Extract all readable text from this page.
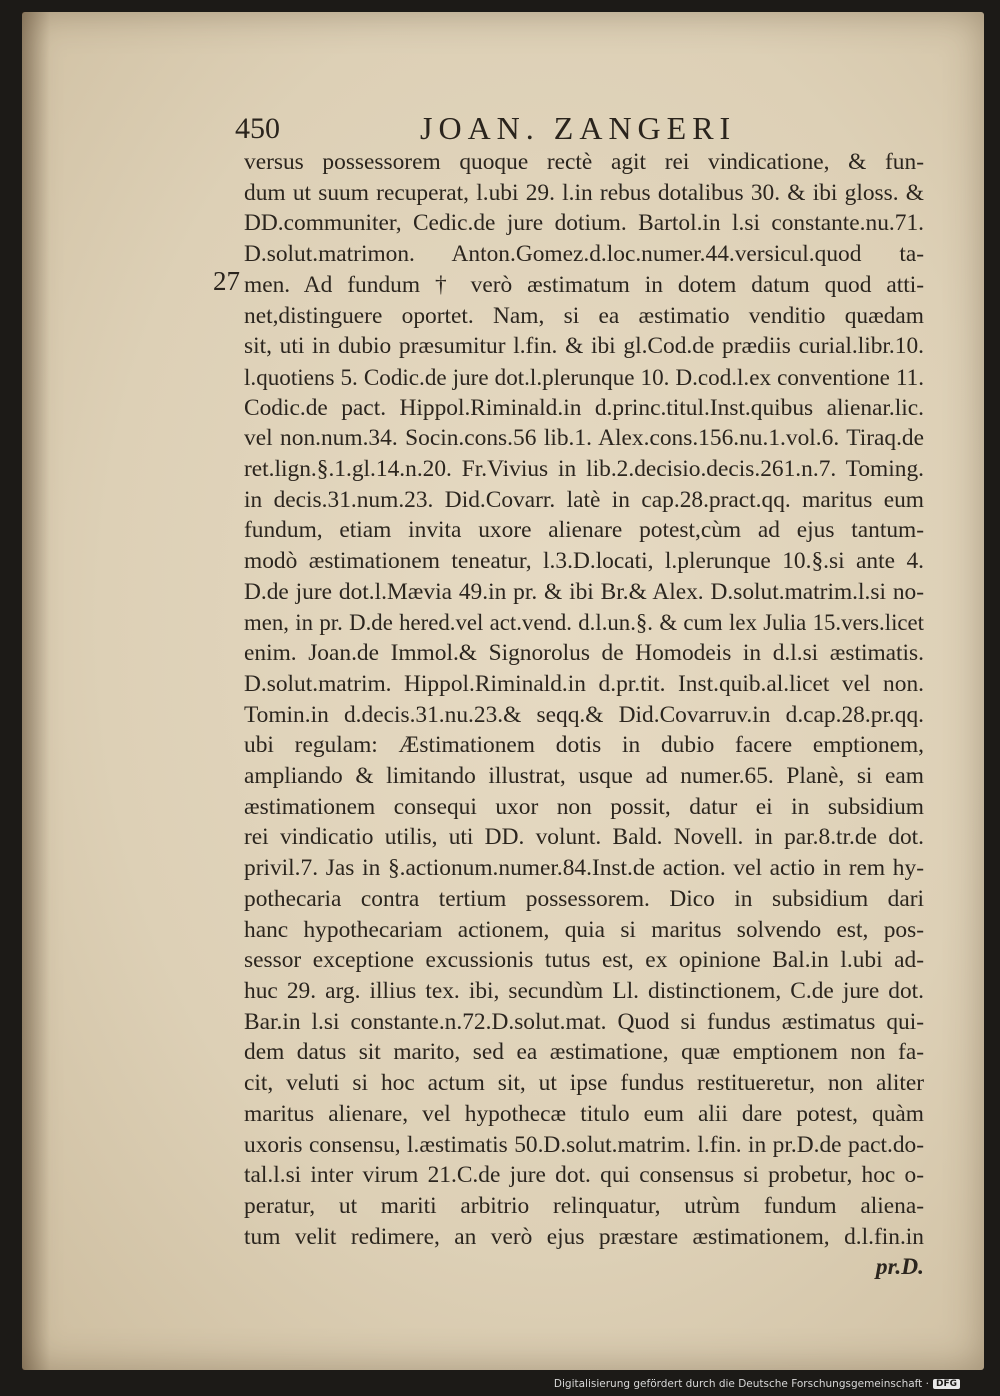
450	JOAN. ZANGERI
27
versus possessorem quoque rectè agit rei vindicatione, & fun-
dum ut suum recuperat, l.ubi 29. l.in rebus dotalibus 30. & ibi gloss. &
DD.communiter, Cedic.de jure dotium. Bartol.in l.si constante.nu.71.
D.solut.matrimon. Anton.Gomez.d.loc.numer.44.versicul.quod ta-
men. Ad fundum † verò æstimatum in dotem datum quod atti-
net,distinguere oportet. Nam, si ea æstimatio venditio quædam
sit, uti in dubio præsumitur l.fin. & ibi gl.Cod.de prædiis curial.libr.10.
l.quotiens 5. Codic.de jure dot.l.plerunque 10. D.cod.l.ex conventione 11.
Codic.de pact. Hippol.Riminald.in d.princ.titul.Inst.quibus alienar.lic.
vel non.num.34. Socin.cons.56 lib.1. Alex.cons.156.nu.1.vol.6. Tiraq.de
ret.lign.§.1.gl.14.n.20. Fr.Vivius in lib.2.decisio.decis.261.n.7. Toming.
in decis.31.num.23. Did.Covarr. latè in cap.28.pract.qq. maritus eum
fundum, etiam invita uxore alienare potest,cùm ad ejus tantum-
modò æstimationem teneatur, l.3.D.locati, l.plerunque 10.§.si ante 4.
D.de jure dot.l.Mævia 49.in pr. & ibi Br.& Alex. D.solut.matrim.l.si no-
men, in pr. D.de hered.vel act.vend. d.l.un.§. & cum lex Julia 15.vers.licet
enim. Joan.de Immol.& Signorolus de Homodeis in d.l.si æstimatis.
D.solut.matrim. Hippol.Riminald.in d.pr.tit. Inst.quib.al.licet vel non.
Tomin.in d.decis.31.nu.23.& seqq.& Did.Covarruv.in d.cap.28.pr.qq.
ubi regulam: Æstimationem dotis in dubio facere emptionem,
ampliando & limitando illustrat, usque ad numer.65. Planè, si eam
æstimationem consequi uxor non possit, datur ei in subsidium
rei vindicatio utilis, uti DD. volunt. Bald. Novell. in par.8.tr.de dot.
privil.7. Jas in §.actionum.numer.84.Inst.de action. vel actio in rem hy-
pothecaria contra tertium possessorem. Dico in subsidium dari
hanc hypothecariam actionem, quia si maritus solvendo est, pos-
sessor exceptione excussionis tutus est, ex opinione Bal.in l.ubi ad-
huc 29. arg. illius tex. ibi, secundùm Ll. distinctionem, C.de jure dot.
Bar.in l.si constante.n.72.D.solut.mat. Quod si fundus æstimatus qui-
dem datus sit marito, sed ea æstimatione, quæ emptionem non fa-
cit, veluti si hoc actum sit, ut ipse fundus restitueretur, non aliter
maritus alienare, vel hypothecæ titulo eum alii dare potest, quàm
uxoris consensu, l.æstimatis 50.D.solut.matrim. l.fin. in pr.D.de pact.do-
tal.l.si inter virum 21.C.de jure dot. qui consensus si probetur, hoc o-
peratur, ut mariti arbitrio relinquatur, utrùm fundum aliena-
tum velit redimere, an verò ejus præstare æstimationem, d.l.fin.in
pr.D.
Digitalisierung gefördert durch die Deutsche Forschungsgemeinschaft · DFG
